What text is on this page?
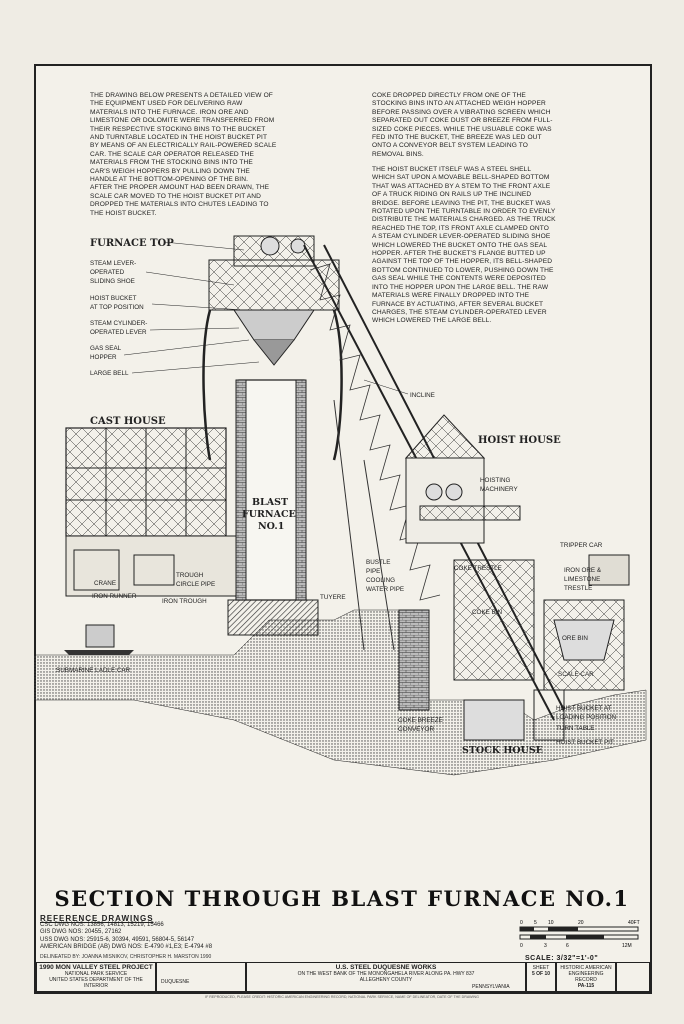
THE DRAWING BELOW PRESENTS A DETAILED VIEW OF
THE EQUIPMENT USED FOR DELIVERING RAW
MATERIALS INTO THE FURNACE. IRON ORE AND
LIMESTONE OR DOLOMITE WERE TRANSFERRED FROM
THEIR RESPECTIVE STOCKING BINS TO THE BUCKET
AND TURNTABLE LOCATED IN THE HOIST BUCKET PIT
BY MEANS OF AN ELECTRICALLY RAIL-POWERED SCALE
CAR. THE SCALE CAR OPERATOR RELEASED THE
MATERIALS FROM THE STOCKING BINS INTO THE
CAR'S WEIGH HOPPERS BY PULLING DOWN THE
HANDLE AT THE BOTTOM-OPENING OF THE BIN.
AFTER THE PROPER AMOUNT HAD BEEN DRAWN, THE
SCALE CAR MOVED TO THE HOIST BUCKET PIT AND
DROPPED THE MATERIALS INTO CHUTES LEADING TO
THE HOIST BUCKET.
COKE DROPPED DIRECTLY FROM ONE OF THE
STOCKING BINS INTO AN ATTACHED WEIGH HOPPER
BEFORE PASSING OVER A VIBRATING SCREEN WHICH
SEPARATED OUT COKE DUST OR BREEZE FROM FULL-
SIZED COKE PIECES. WHILE THE USUABLE COKE WAS
FED INTO THE BUCKET, THE BREEZE WAS LED OUT
ONTO A CONVEYOR BELT SYSTEM LEADING TO
REMOVAL BINS.
THE HOIST BUCKET ITSELF WAS A STEEL SHELL
WHICH SAT UPON A MOVABLE BELL-SHAPED BOTTOM
THAT WAS ATTACHED BY A STEM TO THE FRONT AXLE
OF A TRUCK RIDING ON RAILS UP THE INCLINED
BRIDGE. BEFORE LEAVING THE PIT, THE BUCKET WAS
ROTATED UPON THE TURNTABLE IN ORDER TO EVENLY
DISTRIBUTE THE MATERIALS CHARGED. AS THE TRUCK
REACHED THE TOP, ITS FRONT AXLE CLAMPED ONTO
A STEAM CYLINDER LEVER-OPERATED SLIDING SHOE
WHICH LOWERED THE BUCKET ONTO THE GAS SEAL
HOPPER. AFTER THE BUCKET'S FLANGE BUTTED UP
AGAINST THE TOP OF THE HOPPER, ITS BELL-SHAPED
BOTTOM CONTINUED TO LOWER, PUSHING DOWN THE
GAS SEAL WHILE THE CONTENTS WERE DEPOSITED
INTO THE HOPPER UPON THE LARGE BELL. THE RAW
MATERIALS WERE FINALLY DROPPED INTO THE
FURNACE BY ACTUATING, AFTER SEVERAL BUCKET
CHARGES, THE STEAM CYLINDER-OPERATED LEVER
WHICH LOWERED THE LARGE BELL.
FURNACE TOP
STEAM LEVER-
OPERATED
SLIDING SHOE
HOIST BUCKET
AT TOP POSITION
STEAM CYLINDER-
OPERATED LEVER
GAS SEAL
HOPPER
LARGE BELL
CAST HOUSE
INCLINE
HOIST HOUSE
HOISTING
MACHINERY
BLAST
FURNACE
NO.1
TRIPPER CAR
COKE TRESTLE	IRON ORE &
LIMESTONE
TRESTLE
BUSTLE
PIPE
COOLING
WATER PIPE
TROUGH
CIRCLE PIPE
CRANE
IRON RUNNER
IRON TROUGH
TUYERE
COKE BIN
ORE BIN
SCALE CAR
SUBMARINE LADLE CAR
COKE BREEZE
CONVEYOR
STOCK HOUSE
HOIST BUCKET AT
LOADING POSITION
TURN TABLE
HOIST BUCKET PIT
SECTION THROUGH BLAST FURNACE NO.1
REFERENCE DRAWINGS
CSC DWG NOS: 13856, 14813, 15219, 15466
GIS DWG NOS: 20455, 27162
USS DWG NOS: 25915-6, 30394, 49591, 56804-5, 56147
AMERICAN BRIDGE (AB) DWG NOS: E-4790 #1,E3; E-4794 #8
DELINEATED BY: JOANNA MISNIKOV, CHRISTOPHER H. MARSTON 1990
0 5 10	20	40FT
0	3	6	12M
SCALE: 3/32"=1'-0"
1990 MON VALLEY STEEL PROJECT
NATIONAL PARK SERVICE
UNITED STATES DEPARTMENT OF THE INTERIOR
DUQUESNE
U.S. STEEL DUQUESNE WORKS
ON THE WEST BANK OF THE MONONGAHELA RIVER ALONG PA. HWY 837
ALLEGHENY COUNTY
SHEET
5 OF 10
HISTORIC AMERICAN
ENGINEERING RECORD
PA-115
PENNSYLVANIA
IF REPRODUCED, PLEASE CREDIT: HISTORIC AMERICAN ENGINEERING RECORD, NATIONAL PARK SERVICE, NAME OF DELINEATOR, DATE OF THE DRAWING
